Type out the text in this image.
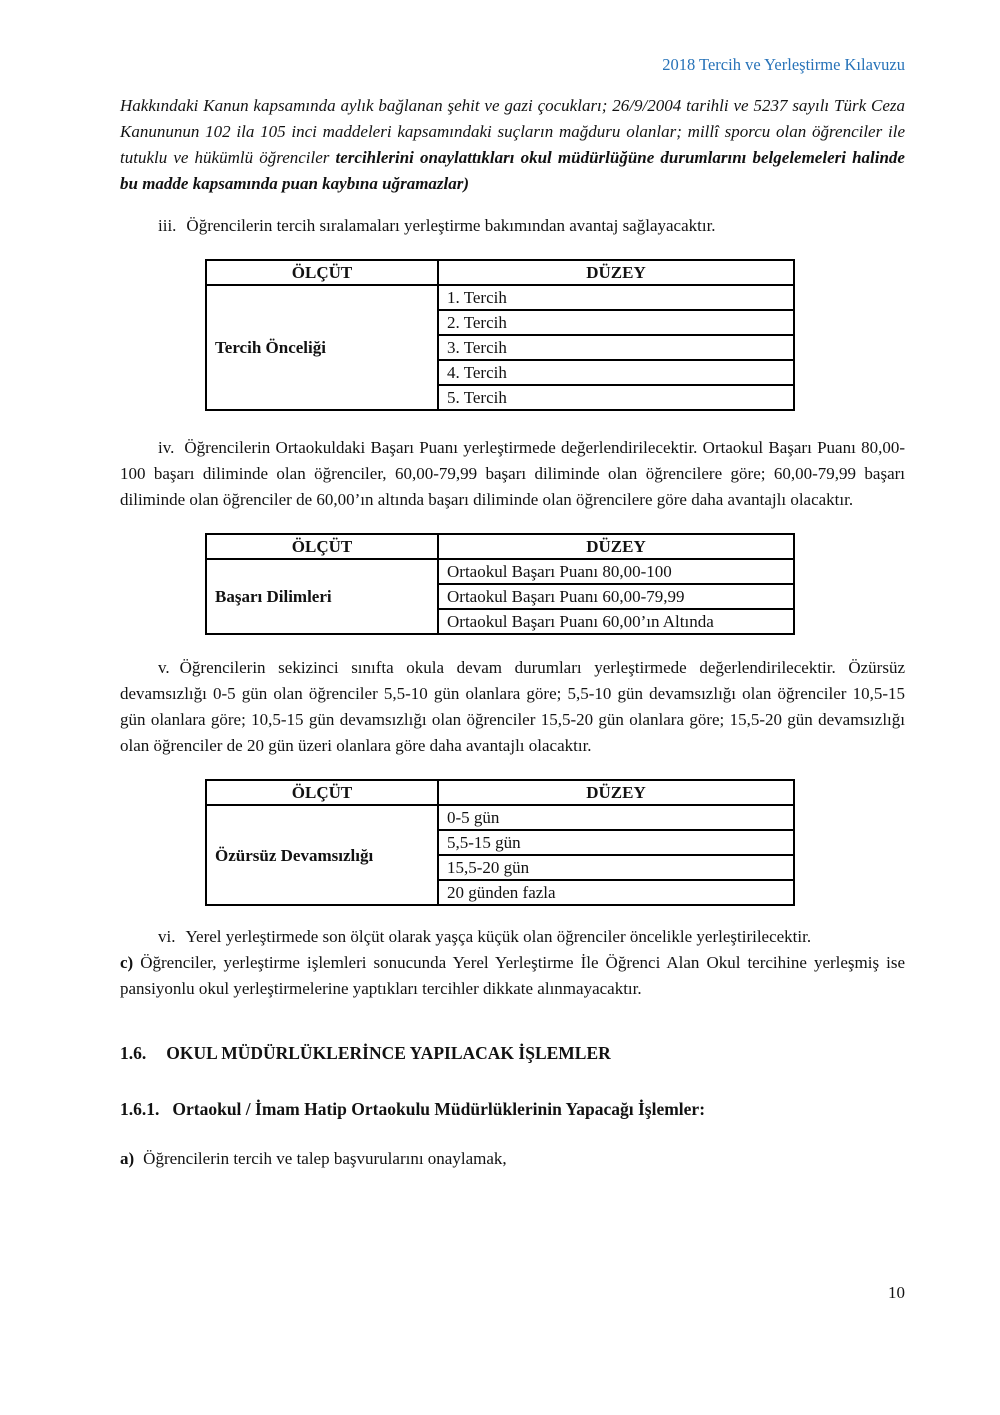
2018 Tercih ve Yerleştirme Kılavuzu

Hakkındaki Kanun kapsamında aylık bağlanan şehit ve gazi çocukları; 26/9/2004 tarihli ve 5237 sayılı Türk Ceza Kanununun 102 ila 105 inci maddeleri kapsamındaki suçların mağduru olanlar; millî sporcu olan öğrenciler ile tutuklu ve hükümlü öğrenciler tercihlerini onaylattıkları okul müdürlüğüne durumlarını belgelemeleri halinde bu madde kapsamında puan kaybına uğramazlar)

iii. Öğrencilerin tercih sıralamaları yerleştirme bakımından avantaj sağlayacaktır.

ÖLÇÜT	DÜZEY
Tercih Önceliği	1. Tercih
	2. Tercih
	3. Tercih
	4. Tercih
	5. Tercih

iv. Öğrencilerin Ortaokuldaki Başarı Puanı yerleştirmede değerlendirilecektir. Ortaokul Başarı Puanı 80,00-100 başarı diliminde olan öğrenciler, 60,00-79,99 başarı diliminde olan öğrencilere göre; 60,00-79,99 başarı diliminde olan öğrenciler de 60,00’ın altında başarı diliminde olan öğrencilere göre daha avantajlı olacaktır.

ÖLÇÜT	DÜZEY
Başarı Dilimleri	Ortaokul Başarı Puanı 80,00-100
	Ortaokul Başarı Puanı 60,00-79,99
	Ortaokul Başarı Puanı 60,00’ın Altında

v. Öğrencilerin sekizinci sınıfta okula devam durumları yerleştirmede değerlendirilecektir. Özürsüz devamsızlığı 0-5 gün olan öğrenciler 5,5-10 gün olanlara göre; 5,5-10 gün devamsızlığı olan öğrenciler 10,5-15 gün olanlara göre; 10,5-15 gün devamsızlığı olan öğrenciler 15,5-20 gün olanlara göre; 15,5-20 gün devamsızlığı olan öğrenciler de 20 gün üzeri olanlara göre daha avantajlı olacaktır.

ÖLÇÜT	DÜZEY
Özürsüz Devamsızlığı	0-5 gün
	5,5-15 gün
	15,5-20 gün
	20 günden fazla

vi. Yerel yerleştirmede son ölçüt olarak yaşça küçük olan öğrenciler öncelikle yerleştirilecektir.

c) Öğrenciler, yerleştirme işlemleri sonucunda Yerel Yerleştirme İle Öğrenci Alan Okul tercihine yerleşmiş ise pansiyonlu okul yerleştirmelerine yaptıkları tercihler dikkate alınmayacaktır.

1.6. OKUL MÜDÜRLÜKLERİNCE YAPILACAK İŞLEMLER

1.6.1. Ortaokul / İmam Hatip Ortaokulu Müdürlüklerinin Yapacağı İşlemler:

a) Öğrencilerin tercih ve talep başvurularını onaylamak,

10
